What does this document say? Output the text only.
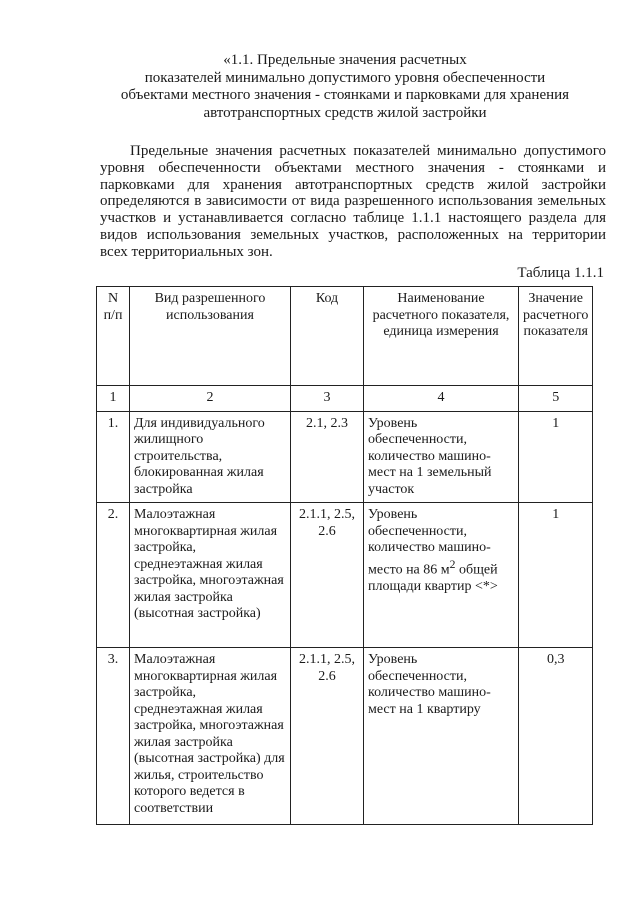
«1.1. Предельные значения расчетных
показателей минимально допустимого уровня обеспеченности
объектами местного значения - стоянками и парковками для хранения
автотранспортных средств жилой застройки
Предельные значения расчетных показателей минимально допустимого
уровня обеспеченности объектами местного значения - стоянками и
парковками для хранения автотранспортных средств жилой застройки
определяются в зависимости от вида разрешенного использования земельных
участков и устанавливается согласно таблице 1.1.1 настоящего раздела для
видов использования земельных участков, расположенных на территории
всех территориальных зон.
Таблица 1.1.1
N п/п	Вид разрешенного использования	Код	Наименование расчетного показателя, единица измерения	Значение расчетного показателя
1	2	3	4	5
1.	Для индивидуального жилищного строительства, блокированная жилая застройка	2.1, 2.3	Уровень обеспеченности, количество машино-мест на 1 земельный участок	1
2.	Малоэтажная многоквартирная жилая застройка, среднеэтажная жилая застройка, многоэтажная жилая застройка (высотная застройка)	2.1.1, 2.5, 2.6	Уровень обеспеченности, количество машино-место на 86 $м^2$ общей площади квартир <*>	1
3.	Малоэтажная многоквартирная жилая застройка, среднеэтажная жилая застройка, многоэтажная жилая застройка (высотная застройка) для жилья, строительство которого ведется в соответствии	2.1.1, 2.5, 2.6	Уровень обеспеченности, количество машино-мест на 1 квартиру	0,3
